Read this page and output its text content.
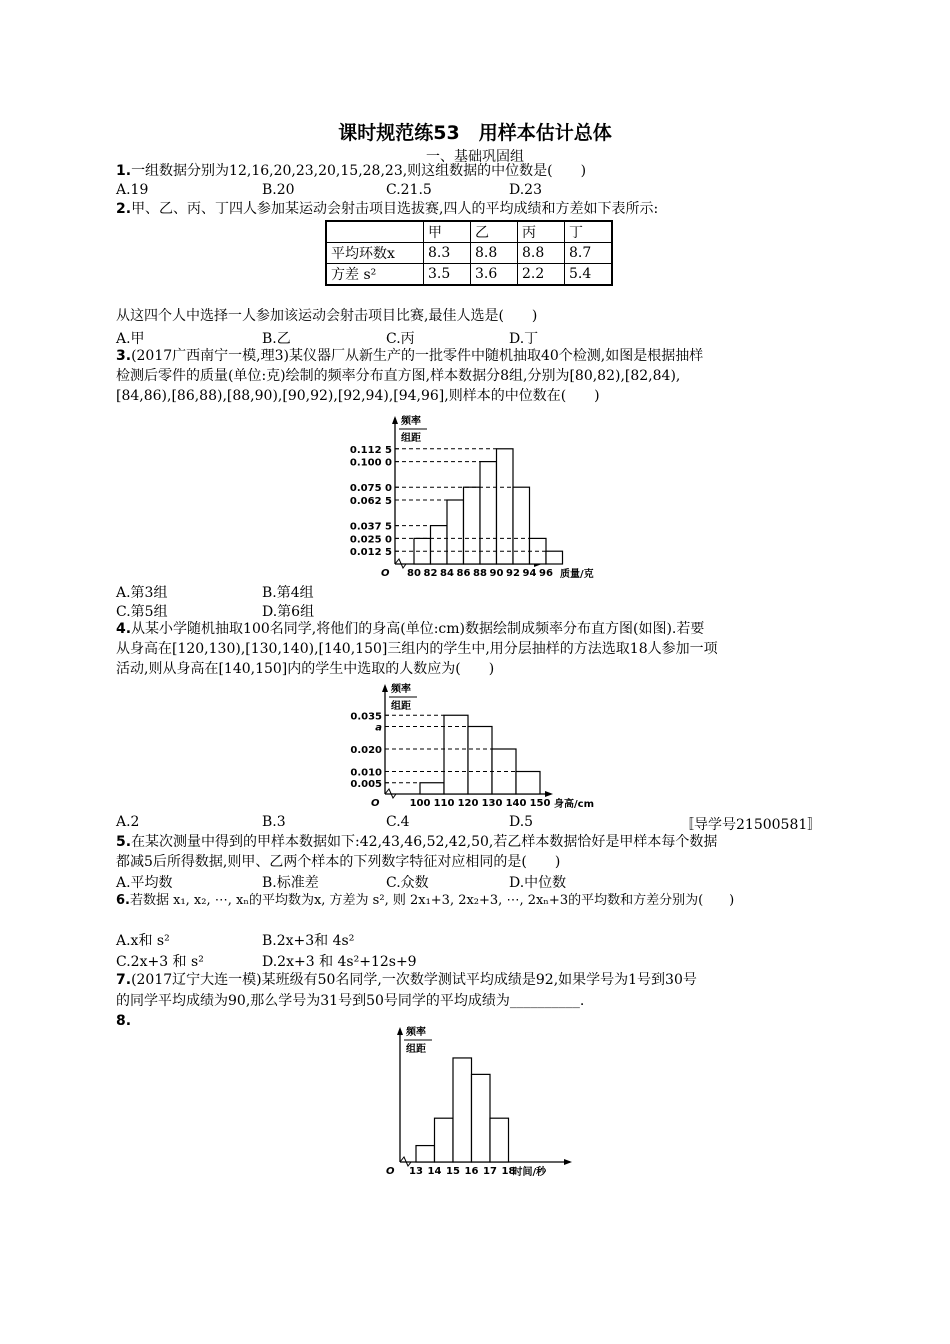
课时规范练53　用样本估计总体
一、基础巩固组
1.一组数据分别为12,16,20,23,20,15,28,23,则这组数据的中位数是(　　)
A.19	B.20	C.21.5	D.23
2.甲、乙、丙、丁四人参加某运动会射击项目选拔赛,四人的平均成绩和方差如下表所示:
	甲	乙	丙	丁
平均环数x	8.3	8.8	8.8	8.7
方差 s²	3.5	3.6	2.2	5.4
从这四个人中选择一人参加该运动会射击项目比赛,最佳人选是(　　)
A.甲	B.乙	C.丙	D.丁
3.(2017广西南宁一模,理3)某仪器厂从新生产的一批零件中随机抽取40个检测,如图是根据抽样
检测后零件的质量(单位:克)绘制的频率分布直方图,样本数据分8组,分别为[80,82),[82,84),
[84,86),[86,88),[88,90),[90,92),[92,94),[94,96],则样本的中位数在(　　)
频率
组距
O 80 82 84 86 88 90 92 94 96 质量/克
0.112 5
0.100 0
0.075 0
0.062 5
0.037 5
0.025 0
0.012 5
A.第3组	B.第4组
C.第5组	D.第6组
4.从某小学随机抽取100名同学,将他们的身高(单位:cm)数据绘制成频率分布直方图(如图).若要
从身高在[120,130),[130,140),[140,150]三组内的学生中,用分层抽样的方法选取18人参加一项
活动,则从身高在[140,150]内的学生中选取的人数应为(　　)
频率
组距
O	100 110 120 130 140 150 身高/cm
0.035
a
0.020
0.010
0.005
A.2	B.3	C.4	D.5	〚导学号21500581〛
5.在某次测量中得到的甲样本数据如下:42,43,46,52,42,50,若乙样本数据恰好是甲样本每个数据
都减5后所得数据,则甲、乙两个样本的下列数字特征对应相同的是(　　)
A.平均数	B.标准差	C.众数	D.中位数
6.若数据 x₁, x₂, ⋯, xₙ的平均数为x, 方差为 s², 则 2x₁+3, 2x₂+3, ⋯, 2xₙ+3的平均数和方差分别为(　　)
A.x和 s²	B.2x+3和 4s²
C.2x+3 和 s²	D.2x+3 和 4s²+12s+9
7.(2017辽宁大连一模)某班级有50名同学,一次数学测试平均成绩是92,如果学号为1号到30号
的同学平均成绩为90,那么学号为31号到50号同学的平均成绩为__________.
8.
频率
组距
O 13 14 15 16 17 18
时间/秒
